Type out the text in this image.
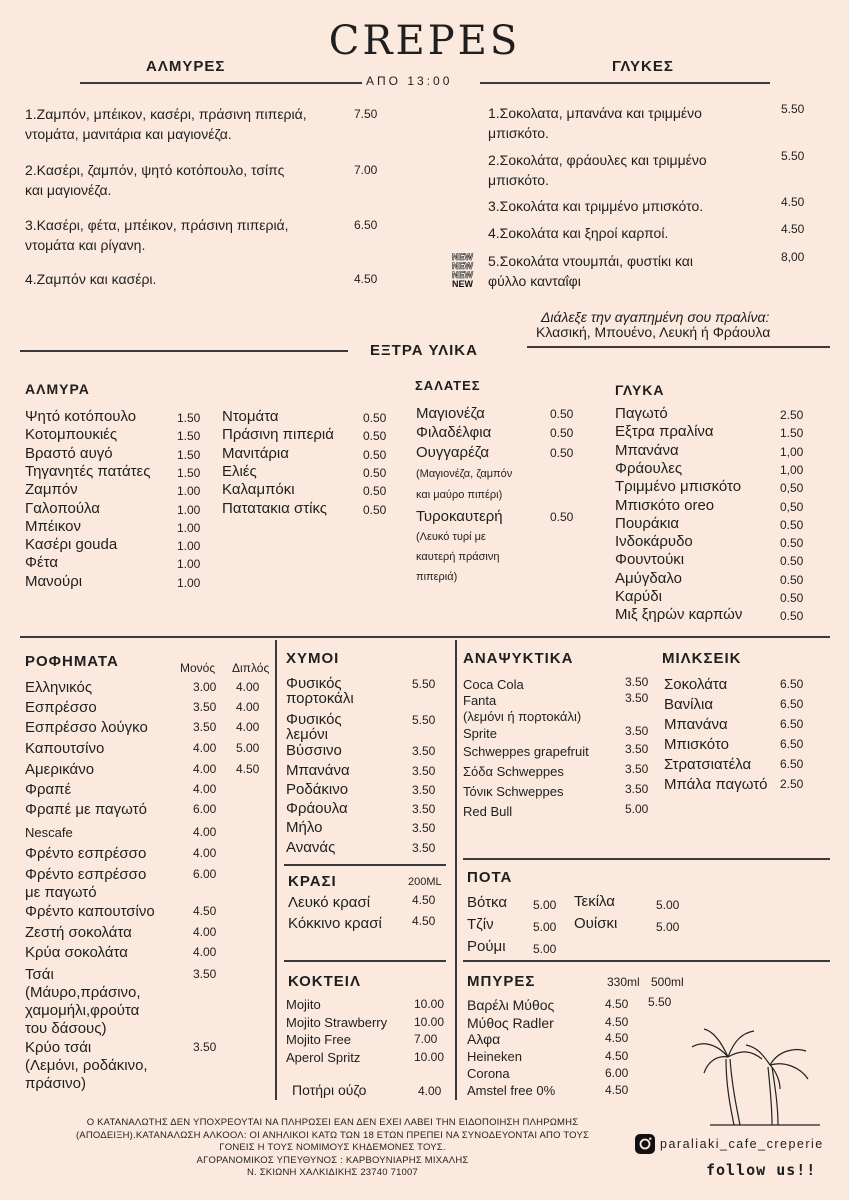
CREPES
ΑΛΜΥΡΕΣ	ΓΛΥΚΕΣ
ΑΠΟ 13:00
NEW
NEW
NEW
NEW
Διάλεξε την αγαπημένη σου πραλίνα:
Κλασική, Μπουένο, Λευκή ή Φράουλα
ΕΞΤΡΑ ΥΛΙΚΑ
ΑΛΜΥΡΑ	ΣΑΛΑΤΕΣ	ΓΛΥΚΑ
(Μαγιονέζα, ζαμπόν
και μαύρο πιπέρι)
(Λευκό τυρί με
καυτερή πράσινη
πιπεριά)
ΡΟΦΗΜΑΤΑ	Μονός Διπλός
ΧΥΜΟΙ
ΚΡΑΣΙ	200ML
ΚΟΚΤΕΙΛ
Ποτήρι ούζο	4.00
ΑΝΑΨΥΚΤΙΚΑ	ΜΙΛΚΣΕΙΚ
ΠΟΤΑ
ΜΠΥΡΕΣ	330ml 500ml
Ο ΚΑΤΑΝΑΛΩΤΗΣ ΔΕΝ ΥΠΟΧΡΕΟΥΤΑΙ ΝΑ ΠΛΗΡΩΣΕΙ ΕΑΝ ΔΕΝ ΕΧΕΙ ΛΑΒΕΙ ΤΗΝ ΕΙΔΟΠΟΙΗΣΗ ΠΛΗΡΩΜΗΣ
(ΑΠΟΔΕΙΞΗ).ΚΑΤΑΝΑΛΩΣΗ ΑΛΚΟΟΛ: ΟΙ ΑΝΗΛΙΚΟΙ ΚΑΤΩ ΤΩΝ 18 ΕΤΩΝ ΠΡΕΠΕΙ ΝΑ ΣΥΝΟΔΕΥΟΝΤΑΙ ΑΠΟ ΤΟΥΣ
ΓΟΝΕΙΣ Η ΤΟΥΣ ΝΟΜΙΜΟΥΣ ΚΗΔΕΜΟΝΕΣ ΤΟΥΣ.
ΑΓΟΡΑΝΟΜΙΚΟΣ ΥΠΕΥΘΥΝΟΣ : ΚΑΡΒΟΥΝΙΑΡΗΣ ΜΙΧΑΛΗΣ
Ν. ΣΚΙΩΝΗ ΧΑΛΚΙΔΙΚΗΣ 23740 71007
paraliaki_cafe_creperie
follow us!!
1.Ζαμπόν, μπέικον, κασέρι, πράσινη πιπεριά,
ντομάτα, μανιτάρια και μαγιονέζα.
7.50
2.Κασέρι, ζαμπόν, ψητό κοτόπουλο, τσίπς
και μαγιονέζα.
7.00
3.Κασέρι, φέτα, μπέικον, πράσινη πιπεριά,
ντομάτα και ρίγανη.
6.50
4.Ζαμπόν και κασέρι.	4.50
1.Σοκολατα, μπανάνα και τριμμένο
μπισκότο.
5.50
2.Σοκολάτα, φράουλες και τριμμένο
μπισκότο.
5.50
3.Σοκολάτα και τριμμένο μπισκότο.	4.50
4.Σοκολάτα και ξηροί καρποί.	4.50
5.Σοκολάτα ντουμπάι, φυστίκι και
φύλλο κανταΐφι
8,00
Ψητό κοτόπουλο	1.50
Κοτομπουκιές	1.50
Βραστό αυγό	1.50
Τηγανητές πατάτες 1.50
Ζαμπόν	1.00
Γαλοπούλα	1.00
Μπέικον	1.00
Κασέρι gouda	1.00
Φέτα	1.00
Μανούρι	1.00
Ντομάτα	0.50
Πράσινη πιπεριά 0.50
Μανιτάρια	0.50
Ελιές	0.50
Καλαμπόκι	0.50
Πατατακια στίκς	0.50
Μαγιονέζα	0.50
Φιλαδέλφια	0.50
Ουγγαρέζα	0.50
Τυροκαυτερή	0.50
Παγωτό	2.50
Εξτρα πραλίνα	1.50
Μπανάνα	1,00
Φράουλες	1,00
Τριμμένο μπισκότο	0,50
Μπισκότο oreo	0,50
Πουράκια	0.50
Ινδοκάρυδο	0.50
Φουντούκι	0.50
Αμύγδαλο	0.50
Καρύδι	0.50
Μιξ ξηρών καρπών	0.50
Ελληνικός	3.00 4.00
Εσπρέσσο	3.50 4.00
Εσπρέσσο λούγκο	3.50 4.00
Καπουτσίνο	4.00 5.00
Αμερικάνο	4.00 4.50
Φραπέ	4.00
Φραπέ με παγωτό	6.00
Nescafe	4.00
Φρέντο εσπρέσσο	4.00
Φρέντο εσπρέσσο
με παγωτό
6.00
Φρέντο καπουτσίνο	4.50
Ζεστή σοκολάτα	4.00
Κρύα σοκολάτα	4.00
Τσάι
(Μάυρο,πράσινο,
χαμομήλι,φρούτα
του δάσους)
3.50
Κρύο τσάι
(Λεμόνι, ροδάκινο,
πράσινο)
3.50
Φυσικός
πορτοκάλι
5.50
Φυσικός
λεμόνι
5.50
Βύσσινο	3.50
Μπανάνα	3.50
Ροδάκινο	3.50
Φράουλα	3.50
Μήλο	3.50
Ανανάς	3.50
Λευκό κρασί	4.50
Κόκκινο κρασί	4.50
Mojito	10.00
Mojito Strawberry 10.00
Mojito Free	7.00
Aperol Spritz	10.00
Coca Cola	3.50
Fanta	3.50
(λεμόνι ή πορτοκάλι)
Sprite	3.50
Schweppes grapefruit	3.50
Σόδα Schweppes	3.50
Τόνικ Schweppes	3.50
Red Bull	5.00
Σοκολάτα	6.50
Βανίλια	6.50
Μπανάνα	6.50
Μπισκότο	6.50
Στρατσιατέλα 6.50
Μπάλα παγωτό 2.50
Βότκα 5.00
Τζίν	5.00
Ρούμι 5.00
Τεκίλα	5.00
Ουίσκι	5.00
Βαρέλι Μύθος	4.50 5.50
Μύθος Radler	4.50
Αλφα	4.50
Heineken	4.50
Corona	6.00
Amstel free 0%	4.50
